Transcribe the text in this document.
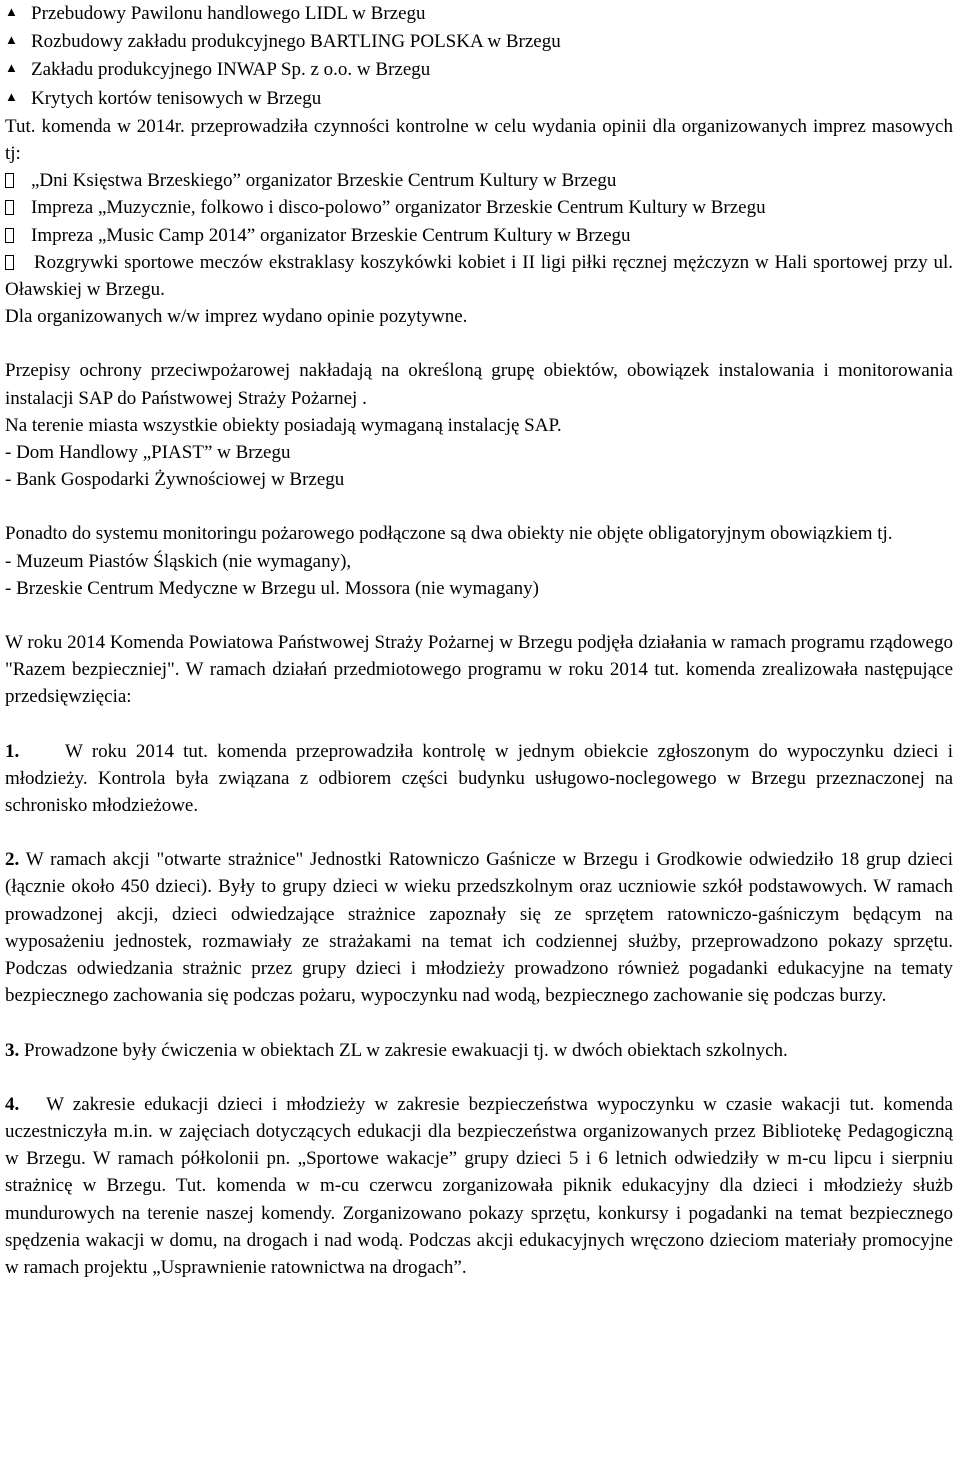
▲ Przebudowy Pawilonu handlowego LIDL w Brzegu
▲ Rozbudowy zakładu produkcyjnego BARTLING POLSKA w Brzegu
▲ Zakładu produkcyjnego INWAP Sp. z o.o. w Brzegu
▲ Krytych kortów tenisowych w Brzegu
Tut. komenda w 2014r. przeprowadziła czynności kontrolne w celu wydania opinii dla organizowanych imprez masowych tj:
„Dni Księstwa Brzeskiego” organizator Brzeskie Centrum Kultury w Brzegu
Impreza „Muzycznie, folkowo i disco-polowo” organizator Brzeskie Centrum Kultury w Brzegu
Impreza „Music Camp 2014” organizator Brzeskie Centrum Kultury w Brzegu
Rozgrywki sportowe meczów ekstraklasy koszykówki kobiet i II ligi piłki ręcznej mężczyzn w Hali sportowej przy ul. Oławskiej w Brzegu.
Dla organizowanych w/w imprez wydano opinie pozytywne.
Przepisy ochrony przeciwpożarowej nakładają na określoną grupę obiektów, obowiązek instalowania i monitorowania instalacji SAP do Państwowej Straży Pożarnej .
Na terenie miasta wszystkie obiekty posiadają wymaganą instalację SAP.
- Dom Handlowy „PIAST” w Brzegu
- Bank Gospodarki Żywnościowej w Brzegu
Ponadto do systemu monitoringu pożarowego podłączone są dwa obiekty nie objęte obligatoryjnym obowiązkiem tj.
- Muzeum Piastów Śląskich (nie wymagany),
- Brzeskie Centrum Medyczne w Brzegu ul. Mossora (nie wymagany)
W roku 2014 Komenda Powiatowa Państwowej Straży Pożarnej w Brzegu podjęła działania w ramach programu rządowego "Razem bezpieczniej". W ramach działań przedmiotowego programu w roku 2014 tut. komenda zrealizowała następujące przedsięwzięcia:
1. W roku 2014 tut. komenda przeprowadziła kontrolę w jednym obiekcie zgłoszonym do wypoczynku dzieci i młodzieży. Kontrola była związana z odbiorem części budynku usługowo-noclegowego w Brzegu przeznaczonej na schronisko młodzieżowe.
2. W ramach akcji "otwarte strażnice" Jednostki Ratowniczo Gaśnicze w Brzegu i Grodkowie odwiedziło 18 grup dzieci (łącznie około 450 dzieci). Były to grupy dzieci w wieku przedszkolnym oraz uczniowie szkół podstawowych. W ramach prowadzonej akcji, dzieci odwiedzające strażnice zapoznały się ze sprzętem ratowniczo-gaśniczym będącym na wyposażeniu jednostek, rozmawiały ze strażakami na temat ich codziennej służby, przeprowadzono pokazy sprzętu. Podczas odwiedzania strażnic przez grupy dzieci i młodzieży prowadzono również pogadanki edukacyjne na tematy bezpiecznego zachowania się podczas pożaru, wypoczynku nad wodą, bezpiecznego zachowanie się podczas burzy.
3. Prowadzone były ćwiczenia w obiektach ZL w zakresie ewakuacji tj. w dwóch obiektach szkolnych.
4. W zakresie edukacji dzieci i młodzieży w zakresie bezpieczeństwa wypoczynku w czasie wakacji tut. komenda uczestniczyła m.in. w zajęciach dotyczących edukacji dla bezpieczeństwa organizowanych przez Bibliotekę Pedagogiczną w Brzegu. W ramach półkolonii pn. „Sportowe wakacje” grupy dzieci 5 i 6 letnich odwiedziły w m-cu lipcu i sierpniu strażnicę w Brzegu. Tut. komenda w m-cu czerwcu zorganizowała piknik edukacyjny dla dzieci i młodzieży służb mundurowych na terenie naszej komendy. Zorganizowano pokazy sprzętu, konkursy i pogadanki na temat bezpiecznego spędzenia wakacji w domu, na drogach i nad wodą. Podczas akcji edukacyjnych wręczono dzieciom materiały promocyjne w ramach projektu „Usprawnienie ratownictwa na drogach”.
